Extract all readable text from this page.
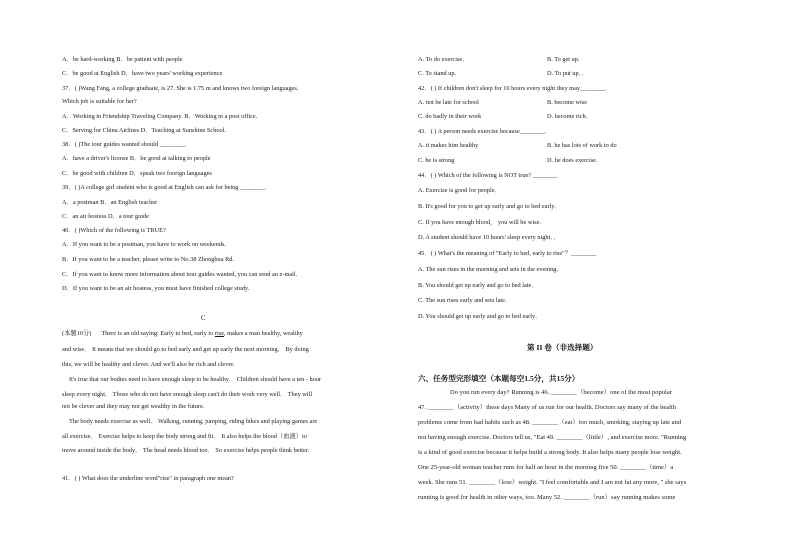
A．be hard-working B．be patient with people
C．be good at English D．have two years' working experience
37．( )Wang Fang, a college graduate, is 27. She is 1.75 m and knows two foreign languages.
Which job is suitable for her?
A．Working in Friendship Traveling Company. B．Working in a post office.
C．Serving for China Airlines D．Teaching at Sunshine School.
38．( )The tour guides wanted should ________.
A．have a driver's license B．be good at talking to people
C．be good with children D．speak two foreign languages
39．( )A college girl student who is good at English can ask for being ________.
A．a postman B．an English teacher
C．an air hostess D．a tour guide
40．( )Which of the following is TRUE?
A．If you want to be a postman, you have to work on weekends.
B．If you want to be a teacher, please write to No.38 Zhonghua Rd.
C．If you want to know more information about tour guides wanted, you can send an e-mail.
D．If you want to be an air hostess, you must have finished college study.
C
(本题10分) There is an old saying: Early to bed, early to rise, makes a man healthy, wealthy
and wise． It means that we should go to bed early and get up early the next morning． By doing
this, we will be healthy and clever. And we'll also be rich and clever.
It's true that our bodies need to have enough sleep to be healthy． Children should have a ten - hour
sleep every night． Those who do not have enough sleep can't do their work very well． They will
not be clever and they may not get wealthy in the future.
The body needs exercise as well． Walking, running, jumping, riding bikes and playing games are
all exercise． Exercise helps to keep the body strong and fit． It also helps the blood（血液）to
move around inside the body． The head needs blood too． So exercise helps people think better.
41．( ) What does the underline word"rise" in paragraph one mean?
A. To do exercise．	B. To get up．
C. To stand up．	D. To put up．．
42．( ) If children don't sleep for 10 hours every night they may________.
A. not be late for school	B. become wise
C. do badly in their work	D. become rich．
43．( ) A person needs exercise because________.
A. it makes him healthy	B. he has lots of work to do
C. he is strong	D. he does exercise．
44．( ) Which of the following is NOT true? ________
A. Exercise is good for people．
B. It's good for you to get up early and go to bed early．
C. If you have enough blood， you will be wise.
D. A student should have 10 hours' sleep every night．．
45．( ) What's the meaning of "Early to bed, early to rise"？________
A. The sun rises in the morning and sets in the evening．
B. You should get up early and go to bed late．
C. The sun rises early and sets late．
D. You should get up early and go to bed early．
第 II 卷（非选择题）
六、任务型完形填空（本题每空1.5分，共15分）
Do you run every day? Running is 46. ________（become）one of the most popular
47. ________（activity）these days Many of us run for our health. Doctors say many of the health
problems come from bad habits such as 48. ________（eat）too much, smoking, staying up late and
not having enough exercise. Doctors tell us, "Eat 49. ________（little）, and exercise more. "Running
is a kind of good exercise because it helps build a strong body. It also helps many people lose weight.
One 25-year-old woman teacher runs for half an hour in the morning five 50. ________（time）a
week. She runs 51. ________（lose）weight. "I feel comfortable and I am not fat any more, " she says
running is good for health in other ways, too. Many 52. ________（run）say running makes some
